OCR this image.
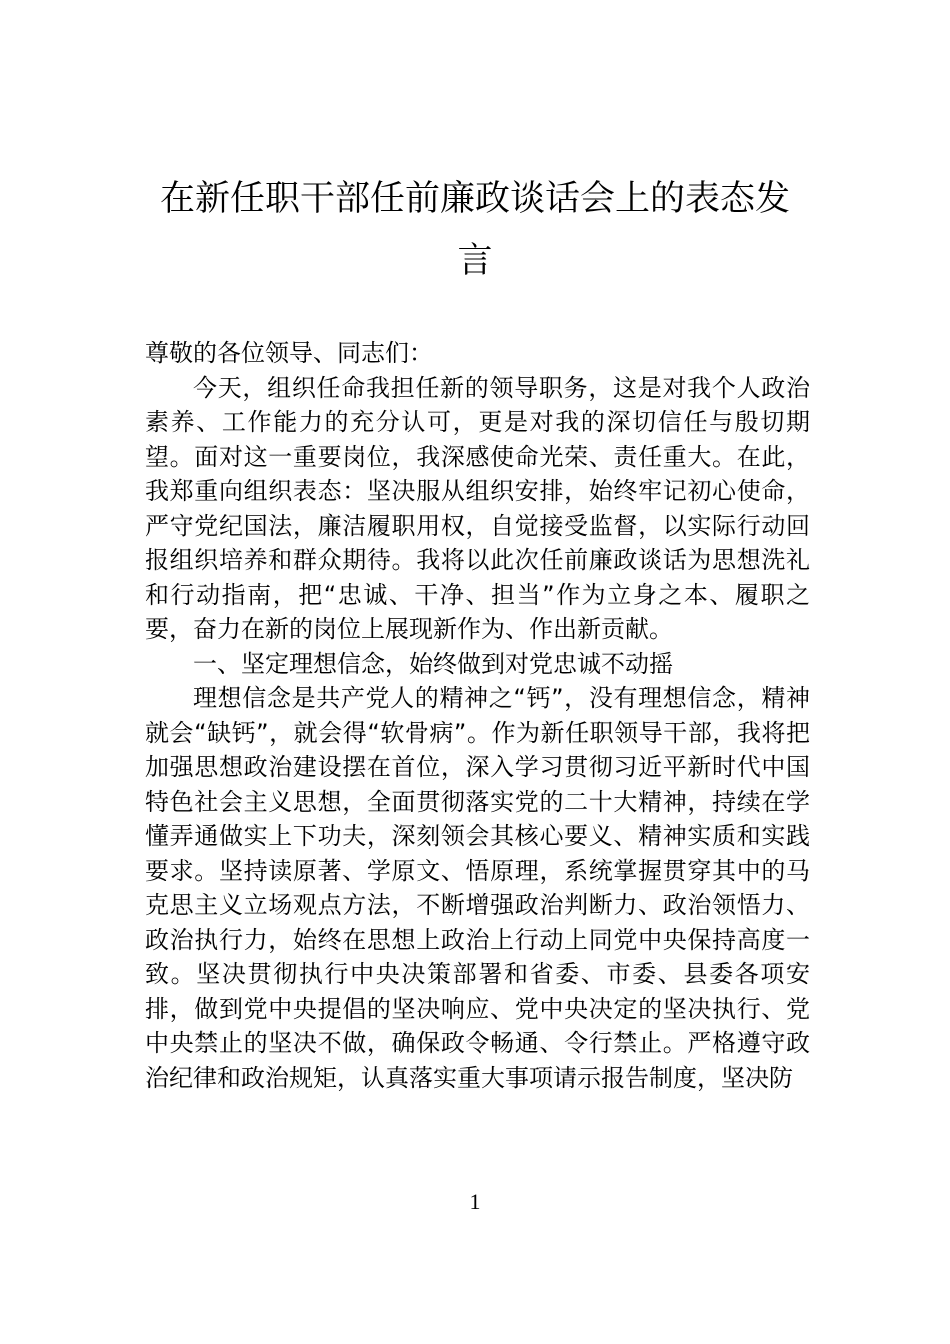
在新任职干部任前廉政谈话会上的表态发言

尊敬的各位领导、同志们：

今天，组织任命我担任新的领导职务，这是对我个人政治素养、工作能力的充分认可，更是对我的深切信任与殷切期望。面对这一重要岗位，我深感使命光荣、责任重大。在此，我郑重向组织表态：坚决服从组织安排，始终牢记初心使命，严守党纪国法，廉洁履职用权，自觉接受监督，以实际行动回报组织培养和群众期待。我将以此次任前廉政谈话为思想洗礼和行动指南，把“忠诚、干净、担当”作为立身之本、履职之要，奋力在新的岗位上展现新作为、作出新贡献。

一、坚定理想信念，始终做到对党忠诚不动摇

理想信念是共产党人的精神之“钙”，没有理想信念，精神就会“缺钙”，就会得“软骨病”。作为新任职领导干部，我将把加强思想政治建设摆在首位，深入学习贯彻习近平新时代中国特色社会主义思想，全面贯彻落实党的二十大精神，持续在学懂弄通做实上下功夫，深刻领会其核心要义、精神实质和实践要求。坚持读原著、学原文、悟原理，系统掌握贯穿其中的马克思主义立场观点方法，不断增强政治判断力、政治领悟力、政治执行力，始终在思想上政治上行动上同党中央保持高度一致。坚决贯彻执行中央决策部署和省委、市委、县委各项安排，做到党中央提倡的坚决响应、党中央决定的坚决执行、党中央禁止的坚决不做，确保政令畅通、令行禁止。严格遵守政治纪律和政治规矩，认真落实重大事项请示报告制度，坚决防

1
